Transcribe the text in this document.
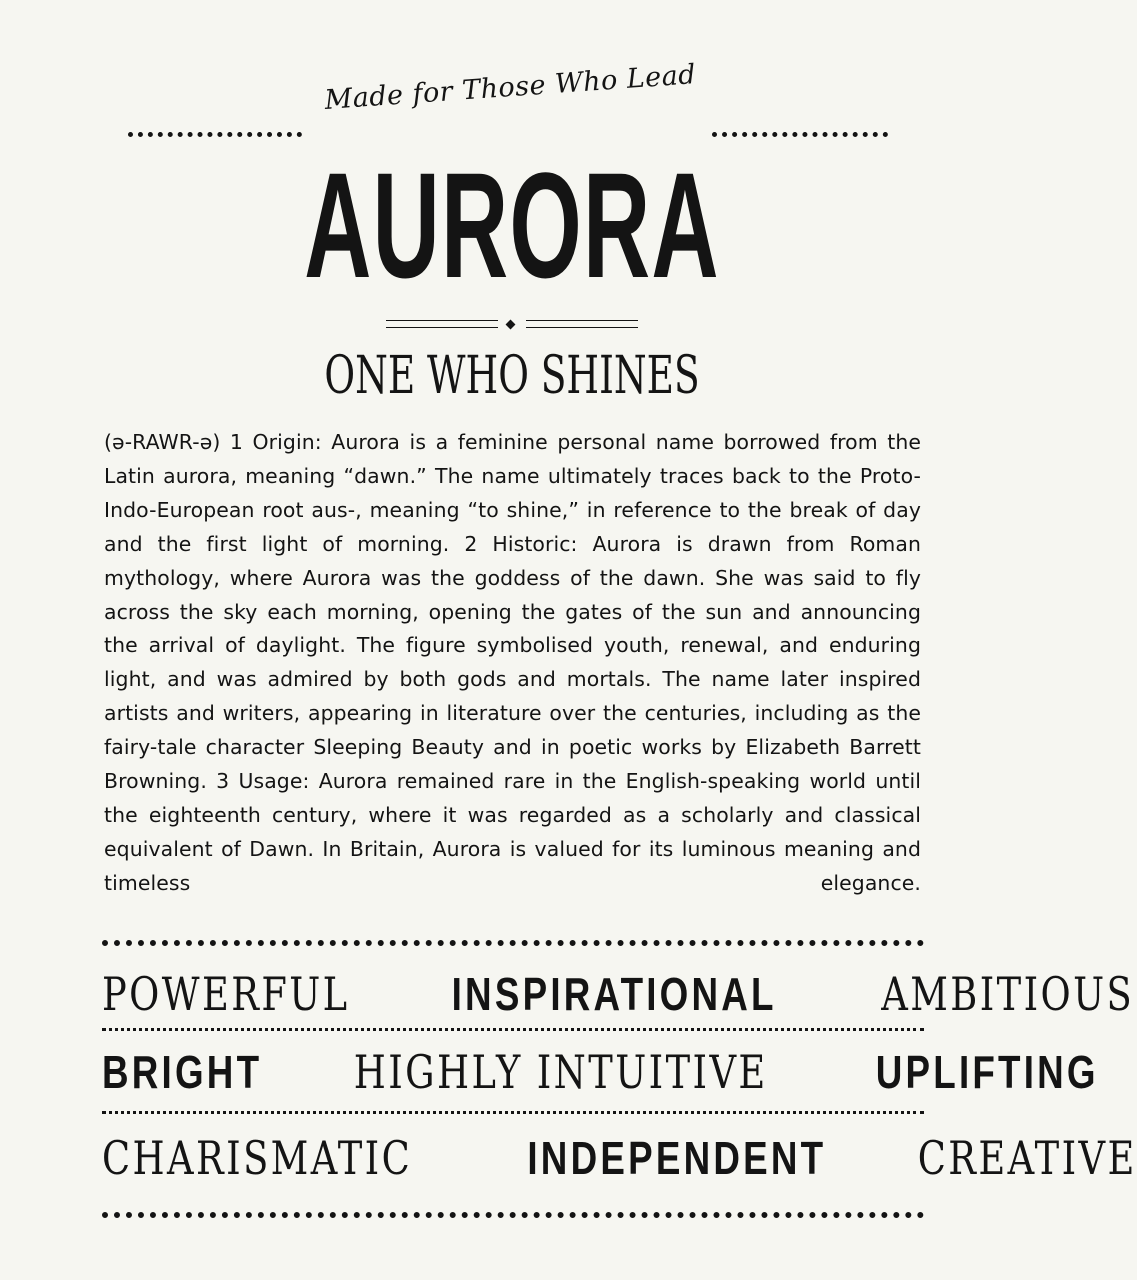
Made for Those Who Lead
AURORA
ONE WHO SHINES

(ə-RAWR-ə) 1 Origin: Aurora is a feminine personal name borrowed from the Latin aurora, meaning “dawn.” The name ultimately traces back to the Proto-Indo-European root aus-, meaning “to shine,” in reference to the break of day and the first light of morning. 2 Historic: Aurora is drawn from Roman mythology, where Aurora was the goddess of the dawn. She was said to fly across the sky each morning, opening the gates of the sun and announcing the arrival of daylight. The figure symbolised youth, renewal, and enduring light, and was admired by both gods and mortals. The name later inspired artists and writers, appearing in literature over the centuries, including as the fairy-tale character Sleeping Beauty and in poetic works by Elizabeth Barrett Browning. 3 Usage: Aurora remained rare in the English-speaking world until the eighteenth century, where it was regarded as a scholarly and classical equivalent of Dawn. In Britain, Aurora is valued for its luminous meaning and timeless elegance.

POWERFUL INSPIRATIONAL AMBITIOUS
BRIGHT HIGHLY INTUITIVE UPLIFTING
CHARISMATIC INDEPENDENT CREATIVE
